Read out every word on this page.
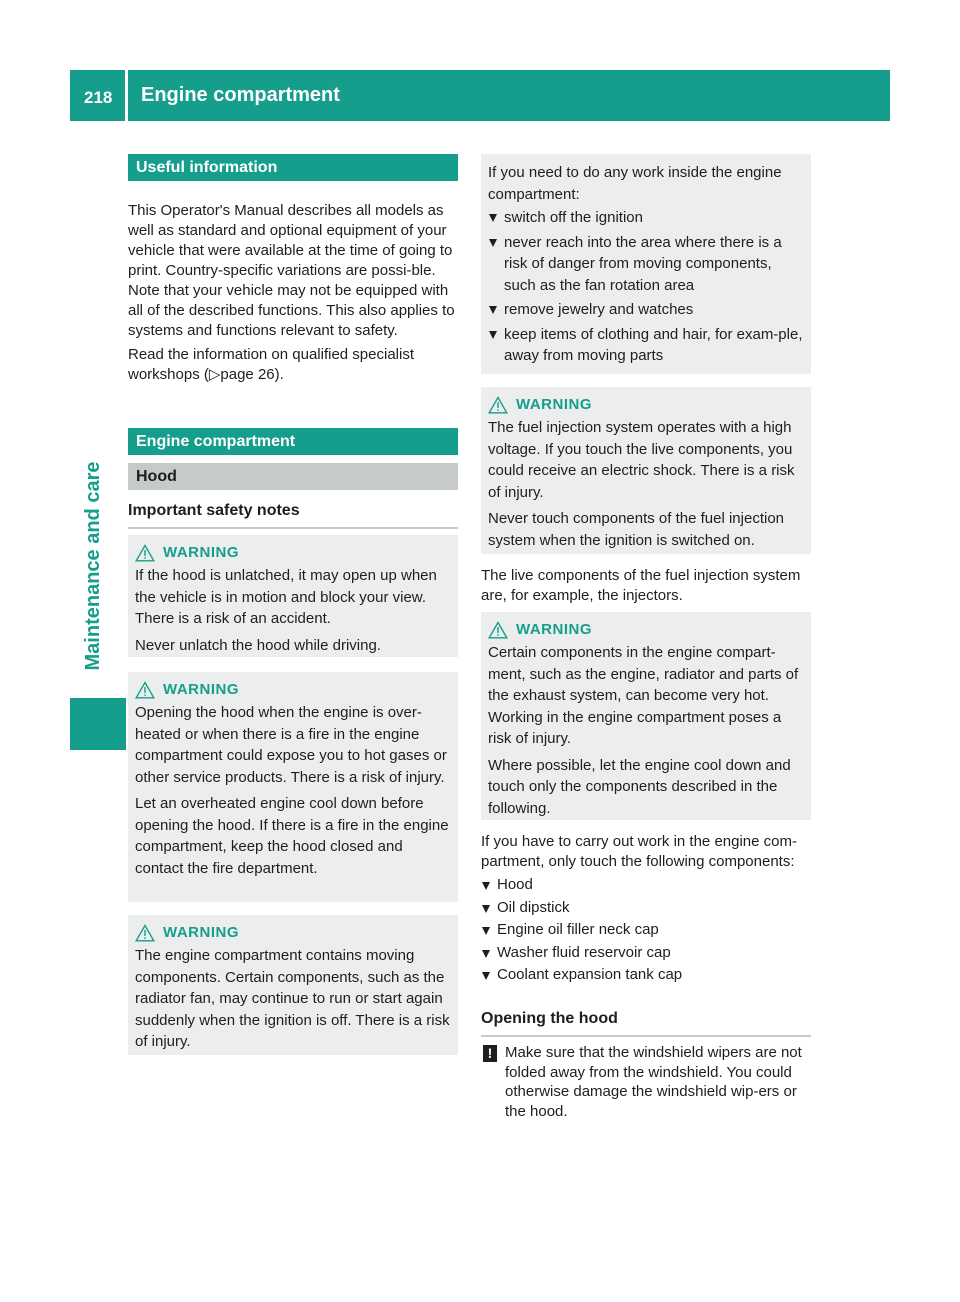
218 Engine compartment
Maintenance and care
Useful information

This Operator's Manual describes all models as well as standard and optional equipment of your vehicle that were available at the time of going to print. Country-specific variations are possi-ble. Note that your vehicle may not be equipped with all of the described functions. This also applies to systems and functions relevant to safety.

Read the information on qualified specialist workshops (▷page 26).

Engine compartment
Hood
Important safety notes
WARNING

If the hood is unlatched, it may open up when the vehicle is in motion and block your view. There is a risk of an accident.

Never unlatch the hood while driving.

WARNING

Opening the hood when the engine is over-heated or when there is a fire in the engine compartment could expose you to hot gases or other service products. There is a risk of injury.

Let an overheated engine cool down before opening the hood. If there is a fire in the engine compartment, keep the hood closed and contact the fire department.

WARNING

The engine compartment contains moving components. Certain components, such as the radiator fan, may continue to run or start again suddenly when the ignition is off. There is a risk of injury.

If you need to do any work inside the engine compartment:

switch off the ignition
never reach into the area where there is a risk of danger from moving components, such as the fan rotation area
remove jewelry and watches
keep items of clothing and hair, for exam-ple, away from moving parts
WARNING

The fuel injection system operates with a high voltage. If you touch the live components, you could receive an electric shock. There is a risk of injury.

Never touch components of the fuel injection system when the ignition is switched on.

The live components of the fuel injection system are, for example, the injectors.

WARNING

Certain components in the engine compart-ment, such as the engine, radiator and parts of the exhaust system, can become very hot. Working in the engine compartment poses a risk of injury.

Where possible, let the engine cool down and touch only the components described in the following.

If you have to carry out work in the engine com-partment, only touch the following components:

Hood
Oil dipstick
Engine oil filler neck cap
Washer fluid reservoir cap
Coolant expansion tank cap
Opening the hood
! Make sure that the windshield wipers are not folded away from the windshield. You could otherwise damage the windshield wip-ers or the hood.
